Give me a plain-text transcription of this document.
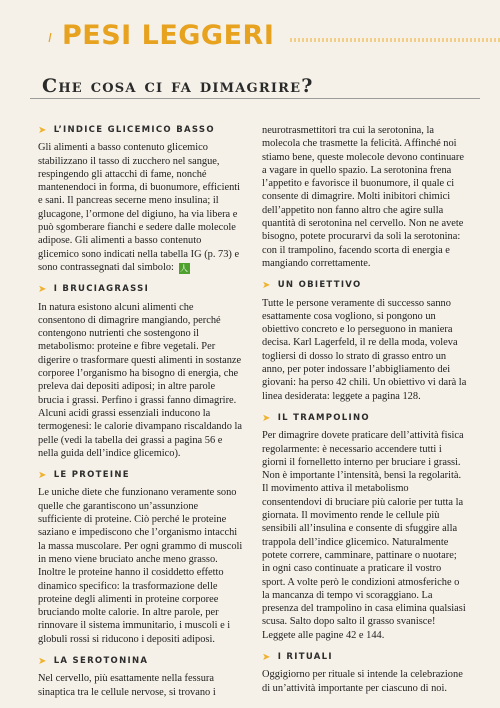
I PESI LEGGERI
Che cosa ci fa dimagrire?
➤ L’INDICE GLICEMICO BASSO

Gli alimenti a basso contenuto glicemico stabilizzano il tasso di zucchero nel sangue, respingendo gli attacchi di fame, nonché mantenendoci in forma, di buonumore, efficienti e sani. Il pancreas secerne meno insulina; il glucagone, l’ormone del digiuno, ha via libera e può sgomberare fianchi e sedere dalle molecole adipose. Gli alimenti a basso contenuto glicemico sono indicati nella tabella IG (p. 73) e sono contrassegnati dal simbolo: 人

➤ I BRUCIAGRASSI

In natura esistono alcuni alimenti che consentono di dimagrire mangiando, perché contengono nutrienti che sostengono il metabolismo: proteine e fibre vegetali. Per digerire o trasformare questi alimenti in sostanze corporee l’organismo ha bisogno di energia, che preleva dai depositi adiposi; in altre parole brucia i grassi. Perfino i grassi fanno dimagrire. Alcuni acidi grassi essenziali inducono la termogenesi: le calorie divampano riscaldando la pelle (vedi la tabella dei grassi a pagina 56 e nella guida dell’indice glicemico).

➤ LE PROTEINE

Le uniche diete che funzionano veramente sono quelle che garantiscono un’assunzione sufficiente di proteine. Ciò perché le proteine saziano e impediscono che l’organismo intacchi la massa muscolare. Per ogni grammo di muscoli in meno viene bruciato anche meno grasso. Inoltre le proteine hanno il cosiddetto effetto dinamico specifico: la trasformazione delle proteine degli alimenti in proteine corporee bruciando molte calorie. In altre parole, per rinnovare il sistema immunitario, i muscoli e i globuli rossi si riducono i depositi adiposi.

➤ LA SEROTONINA

Nel cervello, più esattamente nella fessura sinaptica tra le cellule nervose, si trovano i

neurotrasmettitori tra cui la serotonina, la molecola che trasmette la felicità. Affinché noi stiamo bene, queste molecole devono continuare a vagare in quello spazio. La serotonina frena l’appetito e favorisce il buonumore, il quale ci consente di dimagrire. Molti inibitori chimici dell’appetito non fanno altro che agire sulla quantità di serotonina nel cervello. Non ne avete bisogno, potete procurarvi da soli la serotonina: con il trampolino, facendo scorta di energia e mangiando correttamente.

➤ UN OBIETTIVO

Tutte le persone veramente di successo sanno esattamente cosa vogliono, si pongono un obiettivo concreto e lo perseguono in maniera decisa. Karl Lagerfeld, il re della moda, voleva togliersi di dosso lo strato di grasso entro un anno, per poter indossare l’abbigliamento dei giovani: ha perso 42 chili. Un obiettivo vi darà la linea desiderata: leggete a pagina 128.

➤ IL TRAMPOLINO

Per dimagrire dovete praticare dell’attività fisica regolarmente: è necessario accendere tutti i giorni il fornelletto interno per bruciare i grassi. Non è importante l’intensità, bensì la regolarità. Il movimento attiva il metabolismo consentendovi di bruciare più calorie per tutta la giornata. Il movimento rende le cellule più sensibili all’insulina e consente di sfuggire alla trappola dell’indice glicemico. Naturalmente potete correre, camminare, pattinare o nuotare; in ogni caso continuate a praticare il vostro sport. A volte però le condizioni atmosferiche o la mancanza di tempo vi scoraggiano. La presenza del trampolino in casa elimina qualsiasi scusa. Salto dopo salto il grasso svanisce! Leggete alle pagine 42 e 144.

➤ I RITUALI

Oggigiorno per rituale si intende la celebrazione di un’attività importante per ciascuno di noi.
